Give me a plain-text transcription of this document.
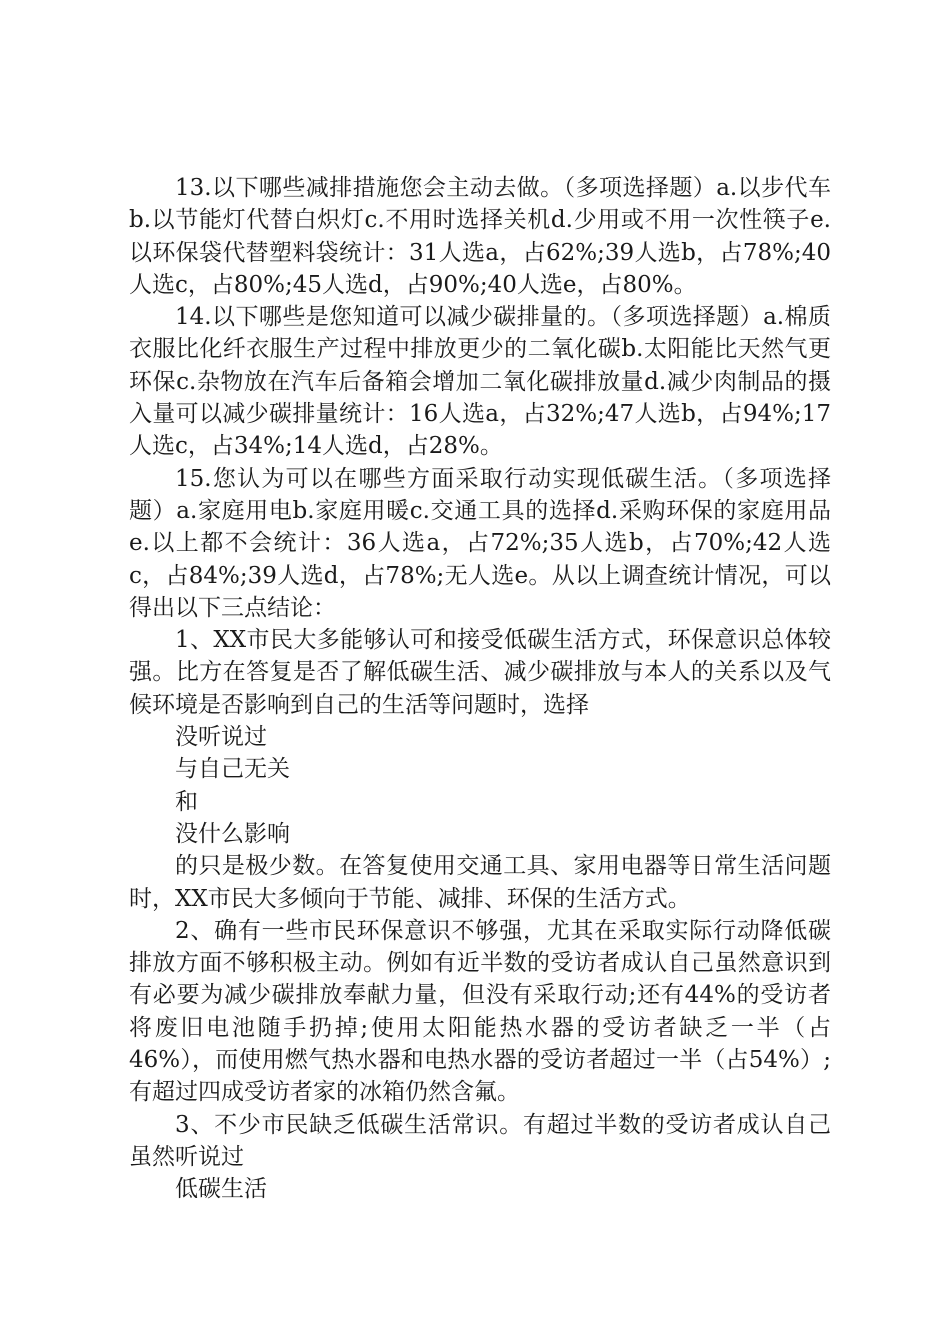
13.以下哪些减排措施您会主动去做。（多项选择题）a.以步代车b.以节能灯代替白炽灯c.不用时选择关机d.少用或不用一次性筷子e.以环保袋代替塑料袋统计：31人选a，占62%;39人选b，占78%;40人选c，占80%;45人选d，占90%;40人选e，占80%。

14.以下哪些是您知道可以减少碳排量的。（多项选择题）a.棉质衣服比化纤衣服生产过程中排放更少的二氧化碳b.太阳能比天然气更环保c.杂物放在汽车后备箱会增加二氧化碳排放量d.减少肉制品的摄入量可以减少碳排量统计：16人选a，占32%;47人选b，占94%;17人选c，占34%;14人选d，占28%。

15.您认为可以在哪些方面采取行动实现低碳生活。（多项选择题）a.家庭用电b.家庭用暖c.交通工具的选择d.采购环保的家庭用品e.以上都不会统计：36人选a，占72%;35人选b，占70%;42人选c，占84%;39人选d，占78%;无人选e。从以上调查统计情况，可以得出以下三点结论：

1、XX市民大多能够认可和接受低碳生活方式，环保意识总体较强。比方在答复是否了解低碳生活、减少碳排放与本人的关系以及气候环境是否影响到自己的生活等问题时，选择

没听说过

与自己无关

和

没什么影响

的只是极少数。在答复使用交通工具、家用电器等日常生活问题时，XX市民大多倾向于节能、减排、环保的生活方式。

2、确有一些市民环保意识不够强，尤其在采取实际行动降低碳排放方面不够积极主动。例如有近半数的受访者成认自己虽然意识到有必要为减少碳排放奉献力量，但没有采取行动;还有44%的受访者将废旧电池随手扔掉;使用太阳能热水器的受访者缺乏一半（占46%），而使用燃气热水器和电热水器的受访者超过一半（占54%）;有超过四成受访者家的冰箱仍然含氟。

3、不少市民缺乏低碳生活常识。有超过半数的受访者成认自己虽然听说过

低碳生活
